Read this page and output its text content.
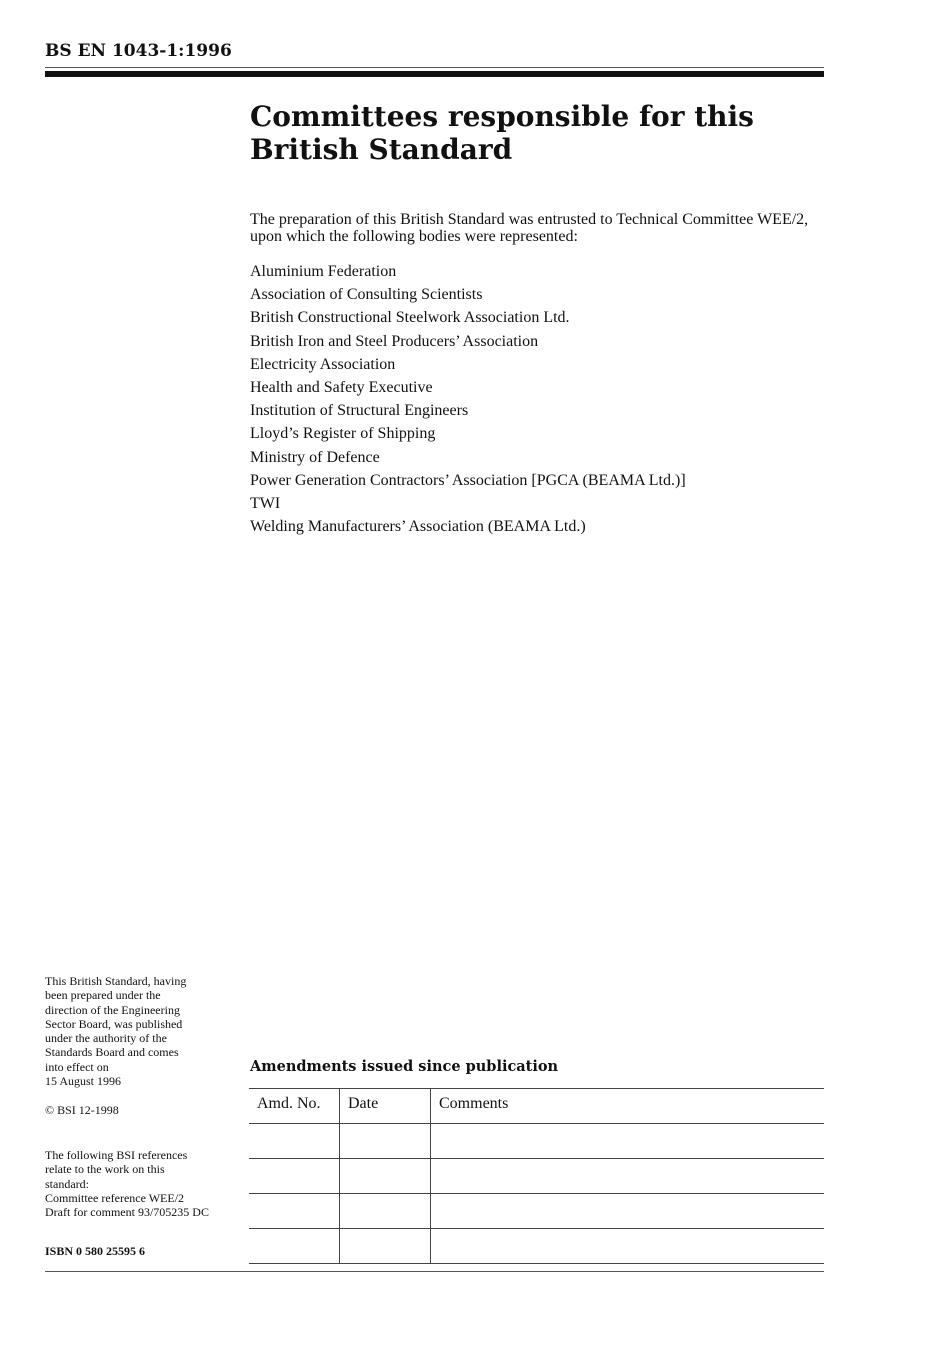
BS EN 1043-1:1996
Committees responsible for this
British Standard

The preparation of this British Standard was entrusted to Technical Committee WEE/2, upon which the following bodies were represented:

Aluminium Federation
Association of Consulting Scientists
British Constructional Steelwork Association Ltd.
British Iron and Steel Producers’ Association
Electricity Association
Health and Safety Executive
Institution of Structural Engineers
Lloyd’s Register of Shipping
Ministry of Defence
Power Generation Contractors’ Association [PGCA (BEAMA Ltd.)]
TWI
Welding Manufacturers’ Association (BEAMA Ltd.)
This British Standard, having
been prepared under the
direction of the Engineering
Sector Board, was published
under the authority of the
Standards Board and comes
into effect on
15 August 1996
© BSI 12-1998
The following BSI references
relate to the work on this
standard:
Committee reference WEE/2
Draft for comment 93/705235 DC
ISBN 0 580 25595 6
Amendments issued since publication
Amd. No.	Date	Comments
